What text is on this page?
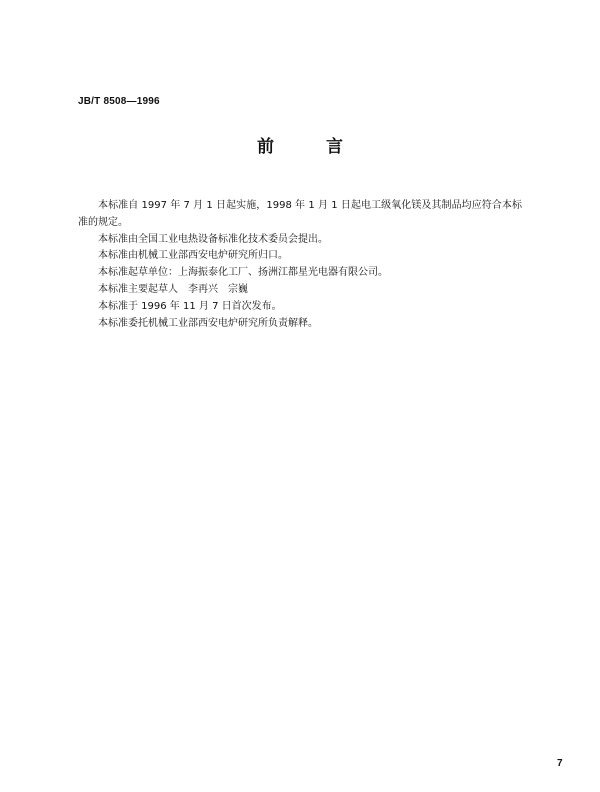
JB/T 8508—1996
前	言

本标准自 1997 年 7 月 1 日起实施，1998 年 1 月 1 日起电工级氧化镁及其制品均应符合本标准的规定。

本标准由全国工业电热设备标准化技术委员会提出。

本标准由机械工业部西安电炉研究所归口。

本标准起草单位：上海振泰化工厂、扬洲江都星光电器有限公司。

本标准主要起草人　李再兴　宗巍

本标准于 1996 年 11 月 7 日首次发布。

本标准委托机械工业部西安电炉研究所负责解释。

7
